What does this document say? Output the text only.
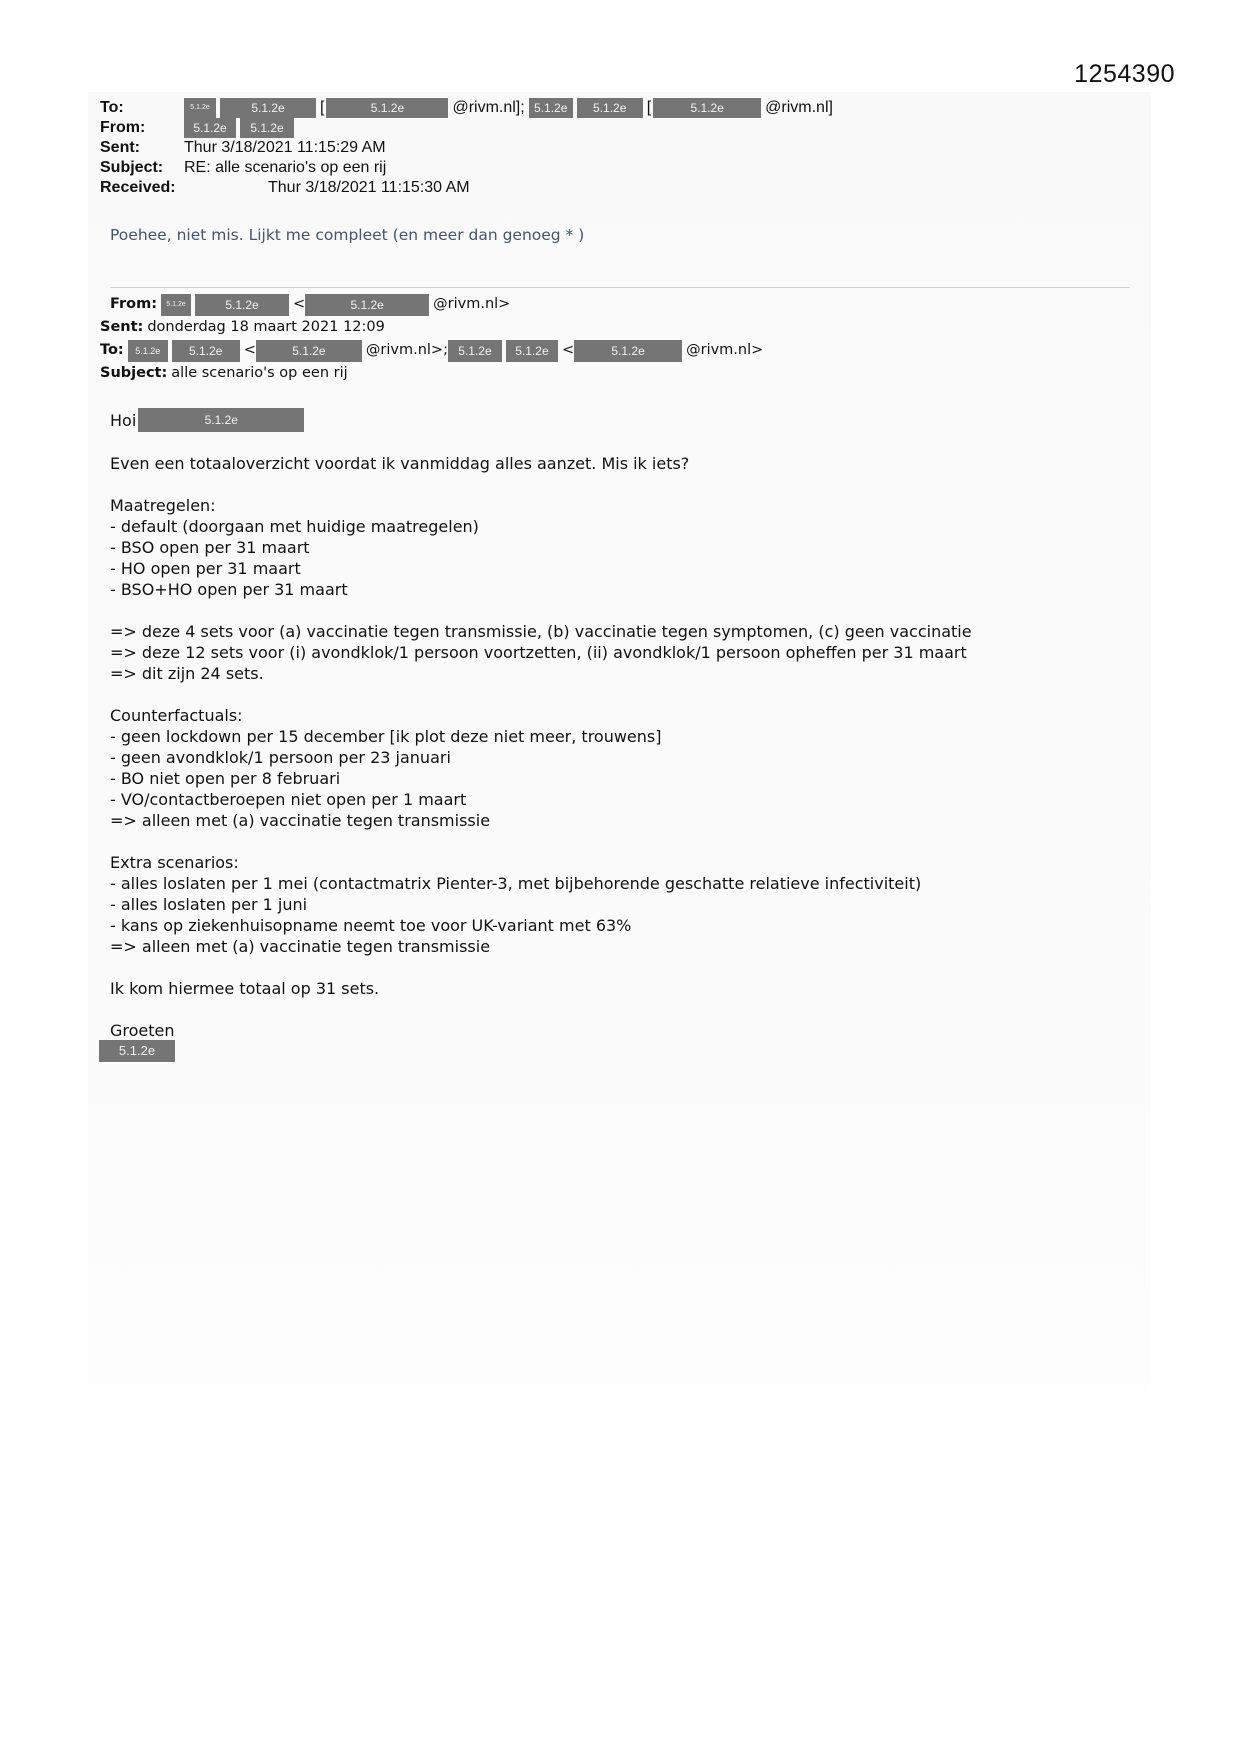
1254390
To:	5.1.2e	5.1.2e	[	5.1.2e	@rivm.nl]; 5.1.2e	5.1.2e	[	5.1.2e	@rivm.nl]
From:	5.1.2e	5.1.2e
Sent:	Thur 3/18/2021 11:15:29 AM
Subject:	RE: alle scenario's op een rij
Received:	Thur 3/18/2021 11:15:30 AM
Poehee, niet mis. Lijkt me compleet (en meer dan genoeg * )
From:	5.1.2e	5.1.2e	<	5.1.2e	@rivm.nl>
Sent: donderdag 18 maart 2021 12:09
To:	5.1.2e	5.1.2e	<	5.1.2e	@rivm.nl>; 5.1.2e	5.1.2e <	5.1.2e	@rivm.nl>
Subject: alle scenario's op een rij
Hoi	5.1.2e
Even een totaaloverzicht voordat ik vanmiddag alles aanzet. Mis ik iets?
Maatregelen:
- default (doorgaan met huidige maatregelen)
- BSO open per 31 maart
- HO open per 31 maart
- BSO+HO open per 31 maart
=> deze 4 sets voor (a) vaccinatie tegen transmissie, (b) vaccinatie tegen symptomen, (c) geen vaccinatie
=> deze 12 sets voor (i) avondklok/1 persoon voortzetten, (ii) avondklok/1 persoon opheffen per 31 maart
=> dit zijn 24 sets.
Counterfactuals:
- geen lockdown per 15 december [ik plot deze niet meer, trouwens]
- geen avondklok/1 persoon per 23 januari
- BO niet open per 8 februari
- VO/contactberoepen niet open per 1 maart
=> alleen met (a) vaccinatie tegen transmissie
Extra scenarios:
- alles loslaten per 1 mei (contactmatrix Pienter-3, met bijbehorende geschatte relatieve infectiviteit)
- alles loslaten per 1 juni
- kans op ziekenhuisopname neemt toe voor UK-variant met 63%
=> alleen met (a) vaccinatie tegen transmissie
Ik kom hiermee totaal op 31 sets.
Groeten
5.1.2e
